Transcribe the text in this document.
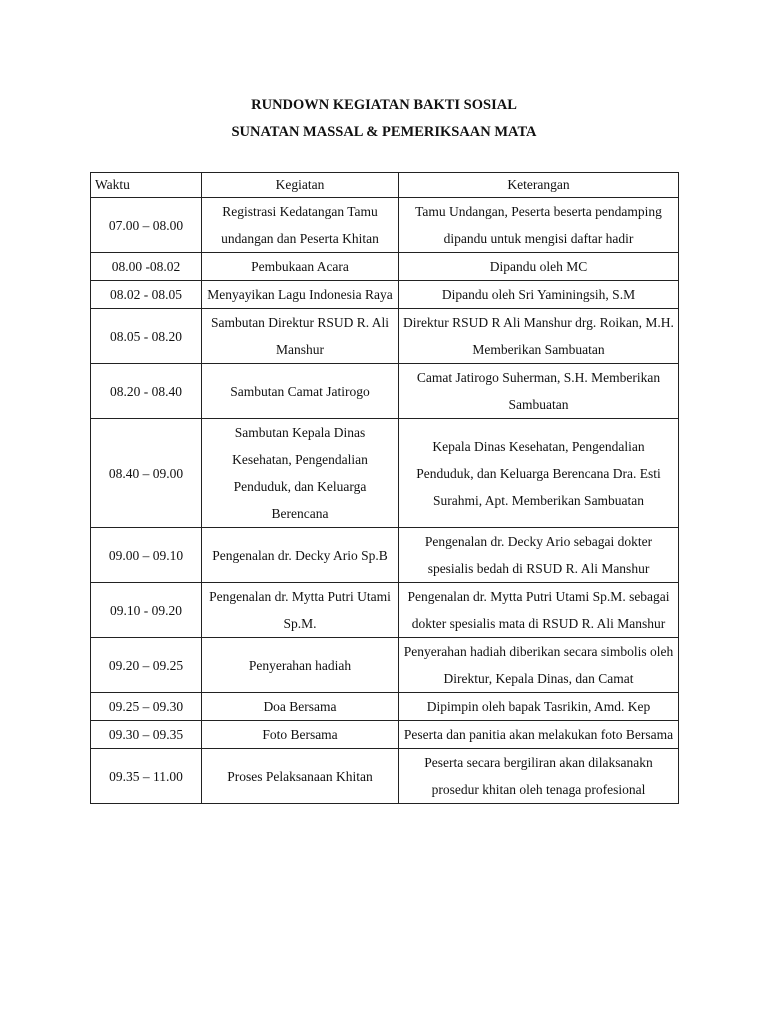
RUNDOWN KEGIATAN BAKTI SOSIAL
SUNATAN MASSAL & PEMERIKSAAN MATA
Waktu	Kegiatan	Keterangan
07.00 – 08.00	Registrasi Kedatangan Tamu undangan dan Peserta Khitan	Tamu Undangan, Peserta beserta pendamping dipandu untuk mengisi daftar hadir
08.00 -08.02	Pembukaan Acara	Dipandu oleh MC
08.02 - 08.05	Menyayikan Lagu Indonesia Raya	Dipandu oleh Sri Yaminingsih, S.M
08.05 - 08.20	Sambutan Direktur RSUD R. Ali Manshur	Direktur RSUD R Ali Manshur drg. Roikan, M.H. Memberikan Sambuatan
08.20 - 08.40	Sambutan Camat Jatirogo	Camat Jatirogo Suherman, S.H. Memberikan Sambuatan
08.40 – 09.00	Sambutan Kepala Dinas Kesehatan, Pengendalian Penduduk, dan Keluarga Berencana	Kepala Dinas Kesehatan, Pengendalian Penduduk, dan Keluarga Berencana Dra. Esti Surahmi, Apt. Memberikan Sambuatan
09.00 – 09.10	Pengenalan dr. Decky Ario Sp.B	Pengenalan dr. Decky Ario sebagai dokter spesialis bedah di RSUD R. Ali Manshur
09.10 - 09.20	Pengenalan dr. Mytta Putri Utami Sp.M.	Pengenalan dr. Mytta Putri Utami Sp.M. sebagai dokter spesialis mata di RSUD R. Ali Manshur
09.20 – 09.25	Penyerahan hadiah	Penyerahan hadiah diberikan secara simbolis oleh Direktur, Kepala Dinas, dan Camat
09.25 – 09.30	Doa Bersama	Dipimpin oleh bapak Tasrikin, Amd. Kep
09.30 – 09.35	Foto Bersama	Peserta dan panitia akan melakukan foto Bersama
09.35 – 11.00	Proses Pelaksanaan Khitan	Peserta secara bergiliran akan dilaksanakn prosedur khitan oleh tenaga profesional
